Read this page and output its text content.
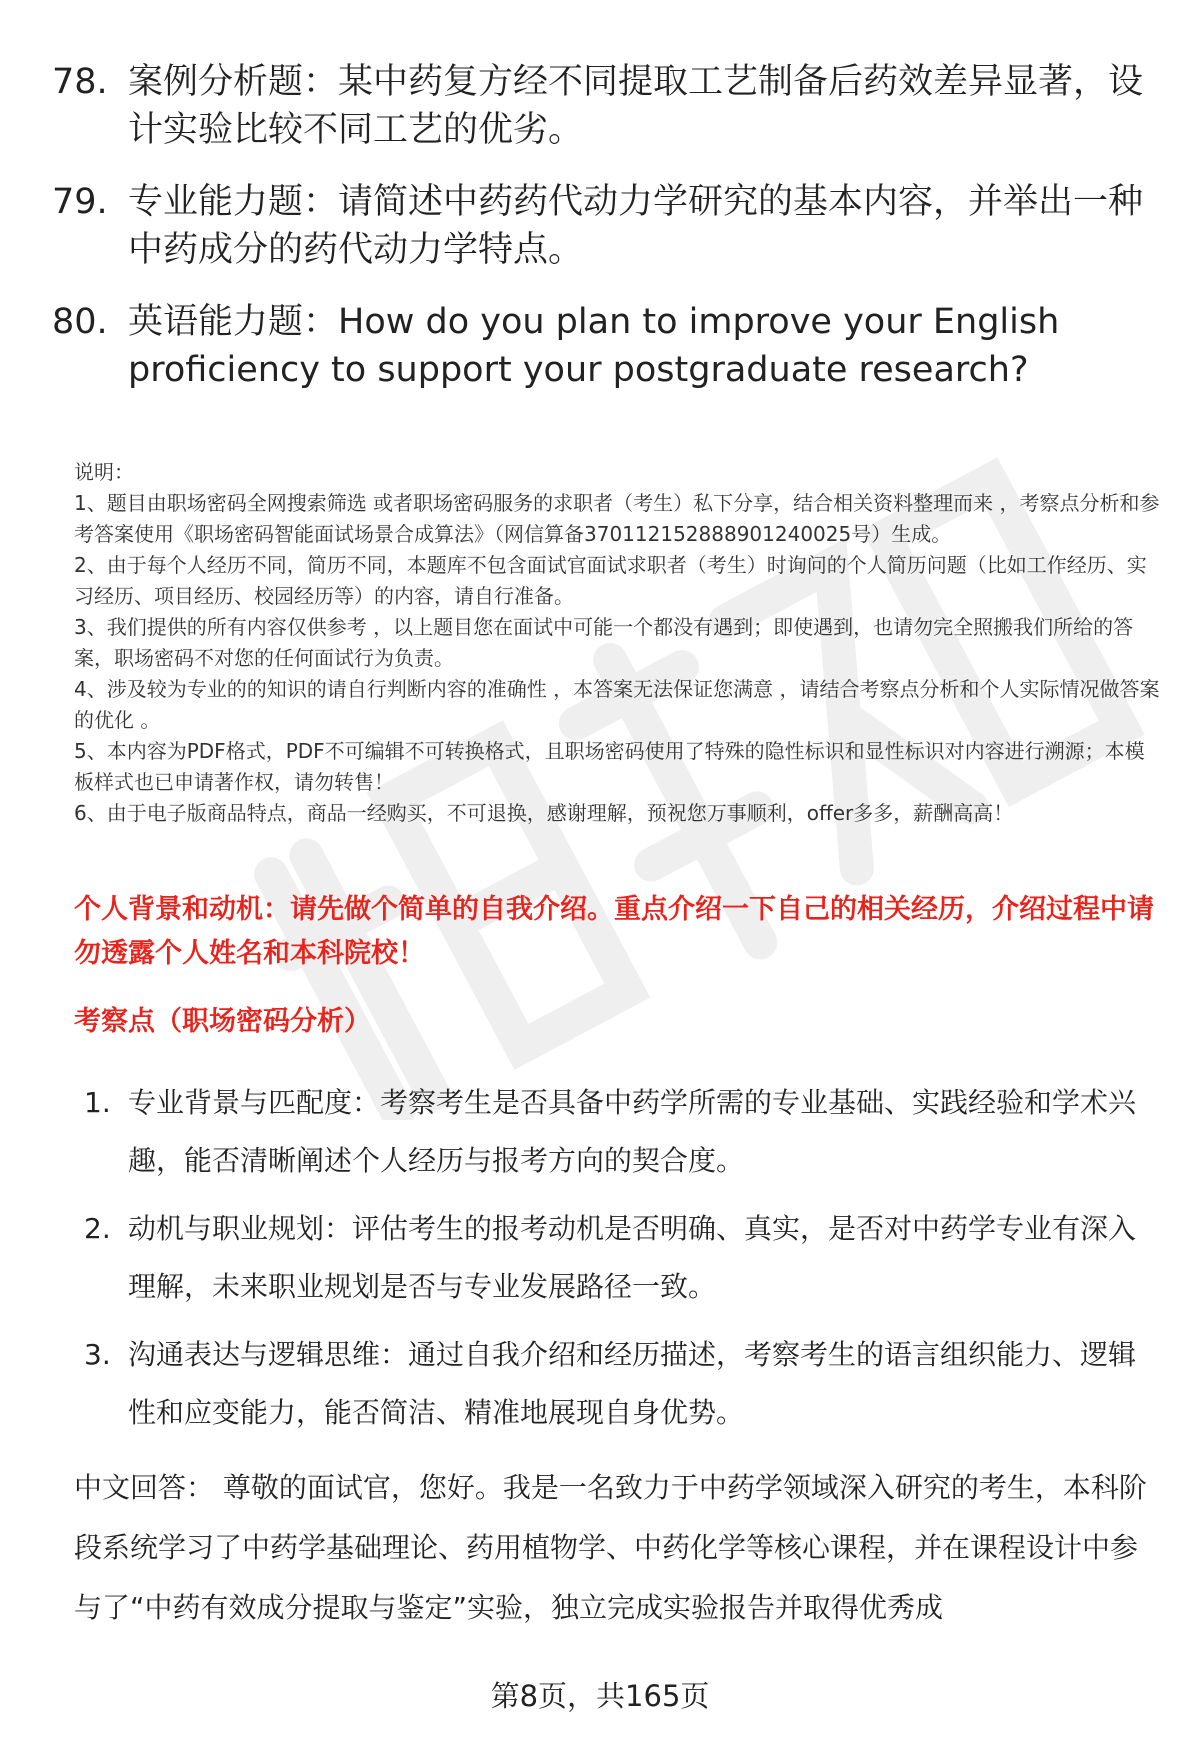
78. 案例分析题：某中药复方经不同提取工艺制备后药效差异显著，设计实验比较不同工艺的优劣。
79. 专业能力题：请简述中药药代动力学研究的基本内容，并举出一种中药成分的药代动力学特点。
80. 英语能力题：How do you plan to improve your English proficiency to support your postgraduate research?
说明：
1、题目由职场密码全网搜索筛选 或者职场密码服务的求职者（考生）私下分享，结合相关资料整理而来 ，考察点分析和参考答案使用《职场密码智能面试场景合成算法》（网信算备370112152888901240025号）生成。
2、由于每个人经历不同，简历不同，本题库不包含面试官面试求职者（考生）时询问的个人简历问题（比如工作经历、实习经历、项目经历、校园经历等）的内容，请自行准备。
3、我们提供的所有内容仅供参考 ，以上题目您在面试中可能一个都没有遇到；即使遇到，也请勿完全照搬我们所给的答案，职场密码不对您的任何面试行为负责。
4、涉及较为专业的的知识的请自行判断内容的准确性 ，本答案无法保证您满意 ，请结合考察点分析和个人实际情况做答案的优化 。
5、本内容为PDF格式，PDF不可编辑不可转换格式，且职场密码使用了特殊的隐性标识和显性标识对内容进行溯源；本模板样式也已申请著作权，请勿转售！
6、由于电子版商品特点，商品一经购买，不可退换，感谢理解，预祝您万事顺利，offer多多，薪酬高高！
个人背景和动机：请先做个简单的自我介绍。重点介绍一下自己的相关经历，介绍过程中请勿透露个人姓名和本科院校！
考察点（职场密码分析）
1. 专业背景与匹配度：考察考生是否具备中药学所需的专业基础、实践经验和学术兴趣，能否清晰阐述个人经历与报考方向的契合度。
2. 动机与职业规划：评估考生的报考动机是否明确、真实，是否对中药学专业有深入理解，未来职业规划是否与专业发展路径一致。
3. 沟通表达与逻辑思维：通过自我介绍和经历描述，考察考生的语言组织能力、逻辑性和应变能力，能否简洁、精准地展现自身优势。
中文回答： 尊敬的面试官，您好。我是一名致力于中药学领域深入研究的考生，本科阶段系统学习了中药学基础理论、药用植物学、中药化学等核心课程，并在课程设计中参与了“中药有效成分提取与鉴定”实验，独立完成实验报告并取得优秀成
第8页，共165页
